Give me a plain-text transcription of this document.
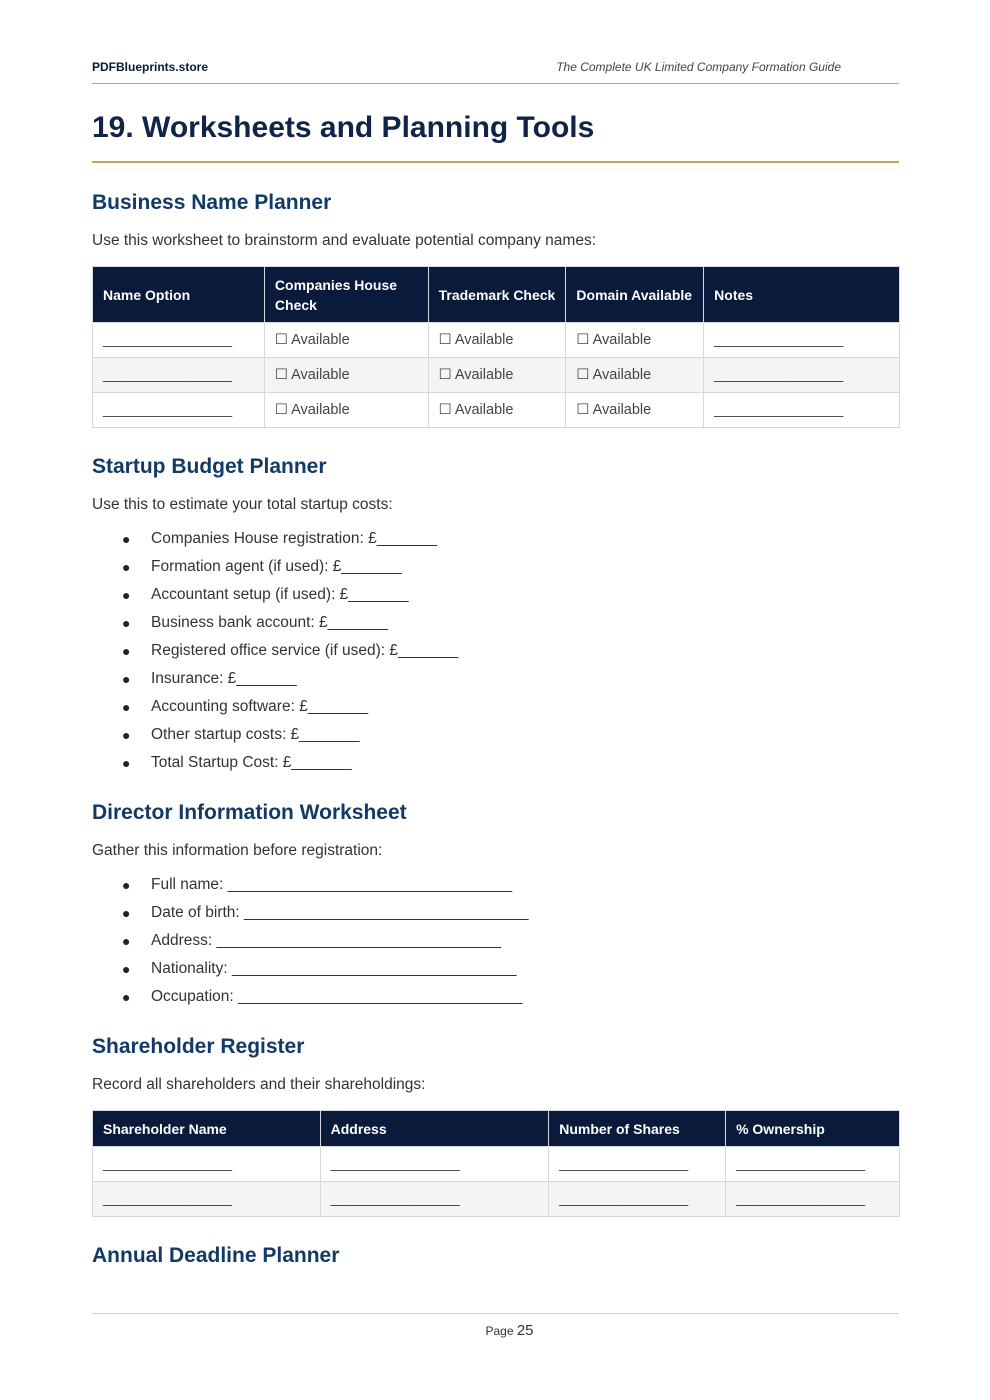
PDFBlueprints.store	The Complete UK Limited Company Formation Guide
19. Worksheets and Planning Tools
Business Name Planner

Use this worksheet to brainstorm and evaluate potential company names:

Name Option	Companies House Check	Trademark Check	Domain Available	Notes
________________	☐ Available	☐ Available	☐ Available	________________
________________	☐ Available	☐ Available	☐ Available	________________
________________	☐ Available	☐ Available	☐ Available	________________
Startup Budget Planner

Use this to estimate your total startup costs:

● Companies House registration: £_______
● Formation agent (if used): £_______
● Accountant setup (if used): £_______
● Business bank account: £_______
● Registered office service (if used): £_______
● Insurance: £_______
● Accounting software: £_______
● Other startup costs: £_______
● Total Startup Cost: £_______
Director Information Worksheet

Gather this information before registration:

● Full name: _________________________________
● Date of birth: _________________________________
● Address: _________________________________
● Nationality: _________________________________
● Occupation: _________________________________
Shareholder Register

Record all shareholders and their shareholdings:

Shareholder Name	Address	Number of Shares	% Ownership
________________	________________	________________	________________
________________	________________	________________	________________
Annual Deadline Planner
Page 25
